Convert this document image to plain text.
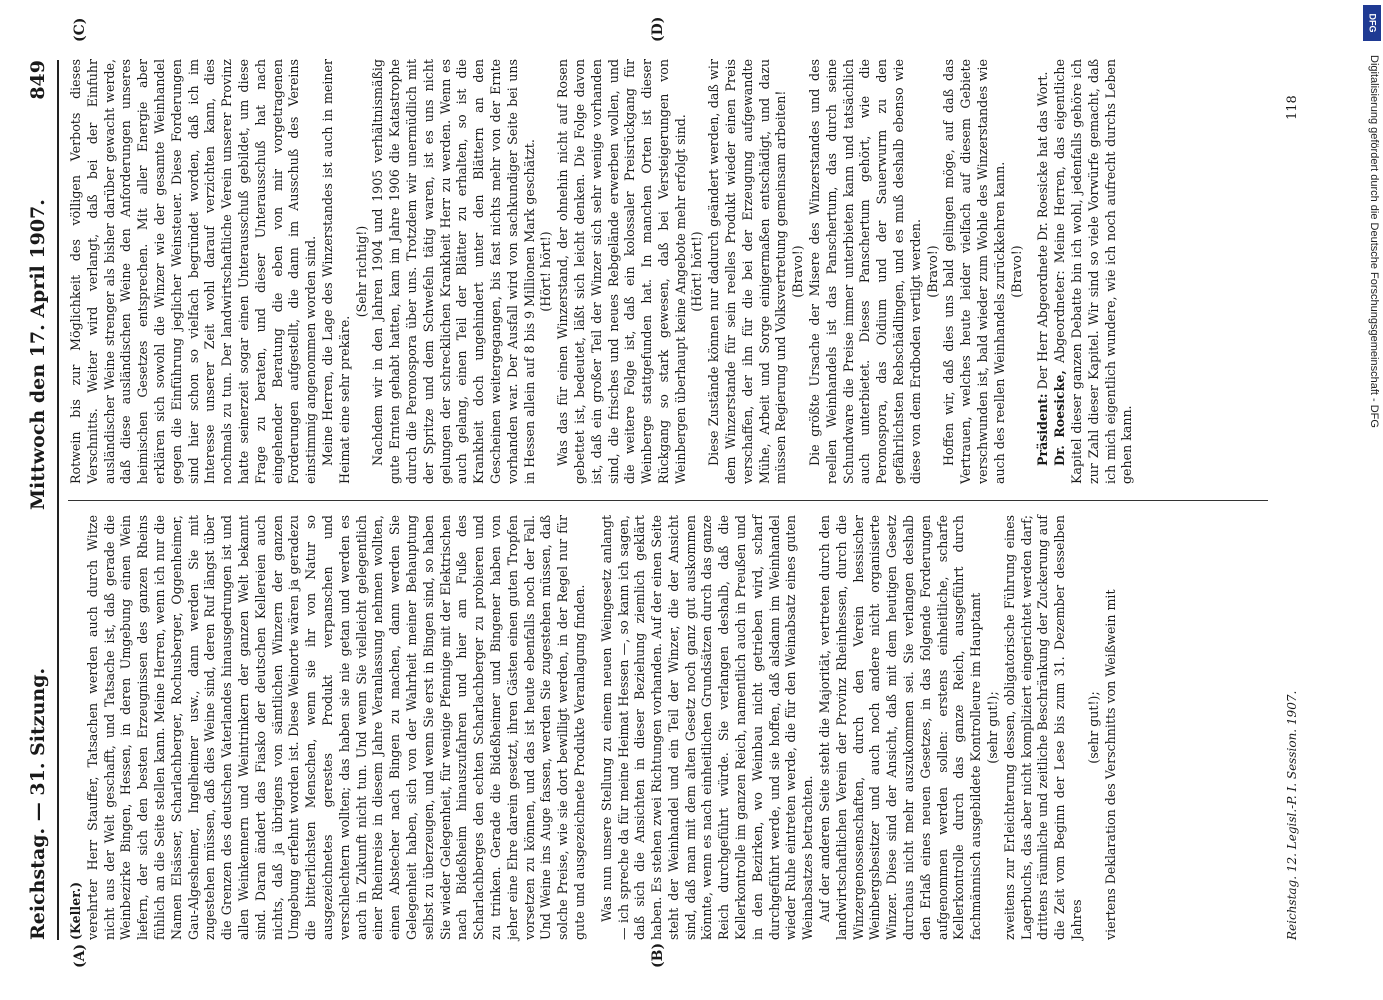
Reichstag. — 31. Sitzung.
Mittwoch den 17. April 1907.
849
(A)	(B)
(C)	(D)

(Keller.) verehrter Herr Stauffer, Tatsachen werden auch durch Witze nicht aus der Welt geschafft, und Tatsache ist, daß gerade die Weinbezirke Bingen, Hessen, in deren Umgebung einen Wein liefern, der sich den besten Erzeugnissen des ganzen Rheins fühlich an die Seite stellen kann. Meine Herren, wenn ich nur die Namen Elsässer, Scharlachberger, Rochusberger, Oggenheimer, Gau-Algesheimer, Ingelheimer usw., dann werden Sie mit zugestehen müssen, daß dies Weine sind, deren Ruf längst über die Grenzen des deutschen Vaterlandes hinausgedrungen ist und allen Weinkennern und Weintrinkern der ganzen Welt bekannt sind. Daran ändert das Fiasko der deutschen Kellereien auch nichts, daß ja übrigens von sämtlichen Winzern der ganzen Umgebung erfehnt worden ist. Diese Weinorte wären ja geradezu die bitterlichsten Menschen, wenn sie ihr von Natur so ausgezeichnetes gerestes Produkt verpanschen und verschlechtern wollten; das haben sie nie getan und werden es auch in Zukunft nicht tun. Und wenn Sie vielleicht gelegentlich einer Rheinreise in diesem Jahre Veranlassung nehmen wollten, einen Abstecher nach Bingen zu machen, dann werden Sie Gelegenheit haben, sich von der Wahrheit meiner Behauptung selbst zu überzeugen, und wenn Sie erst in Bingen sind, so haben Sie wieder Gelegenheit, für wenige Pfennige mit der Elektrischen nach Bideßheim hinauszufahren und hier am Fuße des Scharlachberges den echten Scharlachberger zu probieren und zu trinken. Gerade die Bideßheimer und Bingener haben von jeher eine Ehre darein gesetzt, ihren Gästen einen guten Tropfen vorsetzen zu können, und das ist heute ebenfalls noch der Fall. Und Weine ins Auge fassen, werden Sie zugestehen müssen, daß solche Preise, wie sie dort bewilligt werden, in der Regel nur für gute und ausgezeichnete Produkte Veranlagung finden. Was nun unsere Stellung zu einem neuen Weingesetz anlangt — ich spreche da für meine Heimat Hessen —, so kann ich sagen, daß sich die Ansichten in dieser Beziehung ziemlich geklärt haben. Es stehen zwei Richtungen vorhanden. Auf der einen Seite steht der Weinhandel und ein Teil der Winzer, die der Ansicht sind, daß man mit dem alten Gesetz noch ganz gut auskommen könnte, wenn es nach einheitlichen Grundsätzen durch das ganze Reich durchgeführt würde. Sie verlangen deshalb, daß die Kellerkontrolle im ganzen Reich, namentlich auch in Preußen und in den Bezirken, wo Weinbau nicht getrieben wird, scharf durchgeführt werde, und sie hoffen, daß alsdann im Weinhandel wieder Ruhe eintreten werde, die für den Weinabsatz eines guten Weinabsatzes betrachten. Auf der anderen Seite steht die Majorität, vertreten durch den landwirtschaftlichen Verein der Provinz Rheinhessen, durch die Winzergenossenschaften, durch den Verein hessischer Weinbergsbesitzer und auch noch andere nicht organisierte Winzer. Diese sind der Ansicht, daß mit dem heutigen Gesetz durchaus nicht mehr auszukommen sei. Sie verlangen deshalb den Erlaß eines neuen Gesetzes, in das folgende Forderungen aufgenommen werden sollen: erstens einheitliche, scharfe Kellerkontrolle durch das ganze Reich, ausgeführt durch fachmännisch ausgebildete Kontrolleure im Hauptamt (sehr gut!); zweitens zur Erleichterung dessen, obligatorische Führung eines Lagerbuchs, das aber nicht kompliziert eingerichtet werden darf; drittens räumliche und zeitliche Beschränkung der Zuckerung auf die Zeit vom Beginn der Lese bis zum 31. Dezember desselben Jahres

(sehr gut!); viertens Deklaration des Verschnitts von Weißwein mit

Rotwein bis zur Möglichkeit des völligen Verbots dieses Verschnitts. Weiter wird verlangt, daß bei der Einfuhr ausländischer Weine strenger als bisher darüber gewacht werde, daß diese ausländischen Weine den Anforderungen unseres heimischen Gesetzes entsprechen. Mit aller Energie aber erklären sich sowohl die Winzer wie der gesamte Weinhandel gegen die Einführung jeglicher Weinsteuer. Diese Forderungen sind hier schon so vielfach begründet worden, daß ich im Interesse unserer Zeit wohl darauf verzichten kann, dies nochmals zu tun. Der landwirtschaftliche Verein unserer Provinz hatte seinerzeit sogar einen Unterausschuß gebildet, um diese Frage zu beraten, und dieser Unterausschuß hat nach eingehender Beratung die eben von mir vorgetragenen Forderungen aufgestellt, die dann im Ausschuß des Vereins einstimmig angenommen worden sind. Meine Herren, die Lage des Winzerstandes ist auch in meiner Heimat eine sehr prekäre.

(Sehr richtig!) Nachdem wir in den Jahren 1904 und 1905 verhältnismäßig gute Ernten gehabt hatten, kam im Jahre 1906 die Katastrophe durch die Peronospora über uns. Trotzdem wir unermüdlich mit der Spritze und dem Schwefeln tätig waren, ist es uns nicht gelungen der schrecklichen Krankheit Herr zu werden. Wenn es auch gelang, einen Teil der Blätter zu erhalten, so ist die Krankheit doch ungehindert unter den Blättern an den Gescheinen weitergegangen, bis fast nichts mehr von der Ernte vorhanden war. Der Ausfall wird von sachkundiger Seite bei uns in Hessen allein auf 8 bis 9 Millionen Mark geschätzt. (Hört! hört!) Was das für einen Winzerstand, der ohnehin nicht auf Rosen gebettet ist, bedeutet, läßt sich leicht denken. Die Folge davon ist, daß ein großer Teil der Winzer sich sehr wenige vorhanden sind, die frisches und neues Rebgelände erwerben wollen, und die weitere Folge ist, daß ein kolossaler Preisrückgang für Weinberge stattgefunden hat. In manchen Orten ist dieser Rückgang so stark gewesen, daß bei Versteigerungen von Weinbergen überhaupt keine Angebote mehr erfolgt sind. (Hört! hört!) Diese Zustände können nur dadurch geändert werden, daß wir dem Winzerstande für sein reelles Produkt wieder einen Preis verschaffen, der ihn für die bei der Erzeugung aufgewandte Mühe, Arbeit und Sorge einigermaßen entschädigt, und dazu müssen Regierung und Volksvertretung gemeinsam arbeiten! (Bravo!) Die größte Ursache der Misere des Winzerstandes und des reellen Weinhandels ist das Panschertum, das durch seine Schundware die Preise immer unterbieten kann und tatsächlich auch unterbietet. Dieses Panschertum gehört, wie die Peronospora, das Oidium und der Sauerwurm zu den gefährlichsten Rebschädlingen, und es muß deshalb ebenso wie diese von dem Erdboden vertilgt werden. (Bravo!) Hoffen wir, daß dies uns bald gelingen möge, auf daß das Vertrauen, welches heute leider vielfach auf diesem Gebiete verschwunden ist, bald wieder zum Wohle des Winzerstandes wie auch des reellen Weinhandels zurückkehren kann. (Bravo!)

Präsident: Der Herr Abgeordnete Dr. Roesicke hat das Wort.

Dr. Roesicke, Abgeordneter: Meine Herren, das eigentliche Kapitel dieser ganzen Debatte bin ich wohl, jedenfalls gehöre ich zur Zahl dieser Kapitel. Wir sind so viele Vorwürfe gemacht, daß ich mich eigentlich wundere, wie ich noch aufrecht durchs Leben gehen kann.

Reichstag. 12. Legisl.-P. I. Session. 1907.
118
DFG
Digitalisierung gefördert durch die Deutsche Forschungsgemeinschaft - DFG
